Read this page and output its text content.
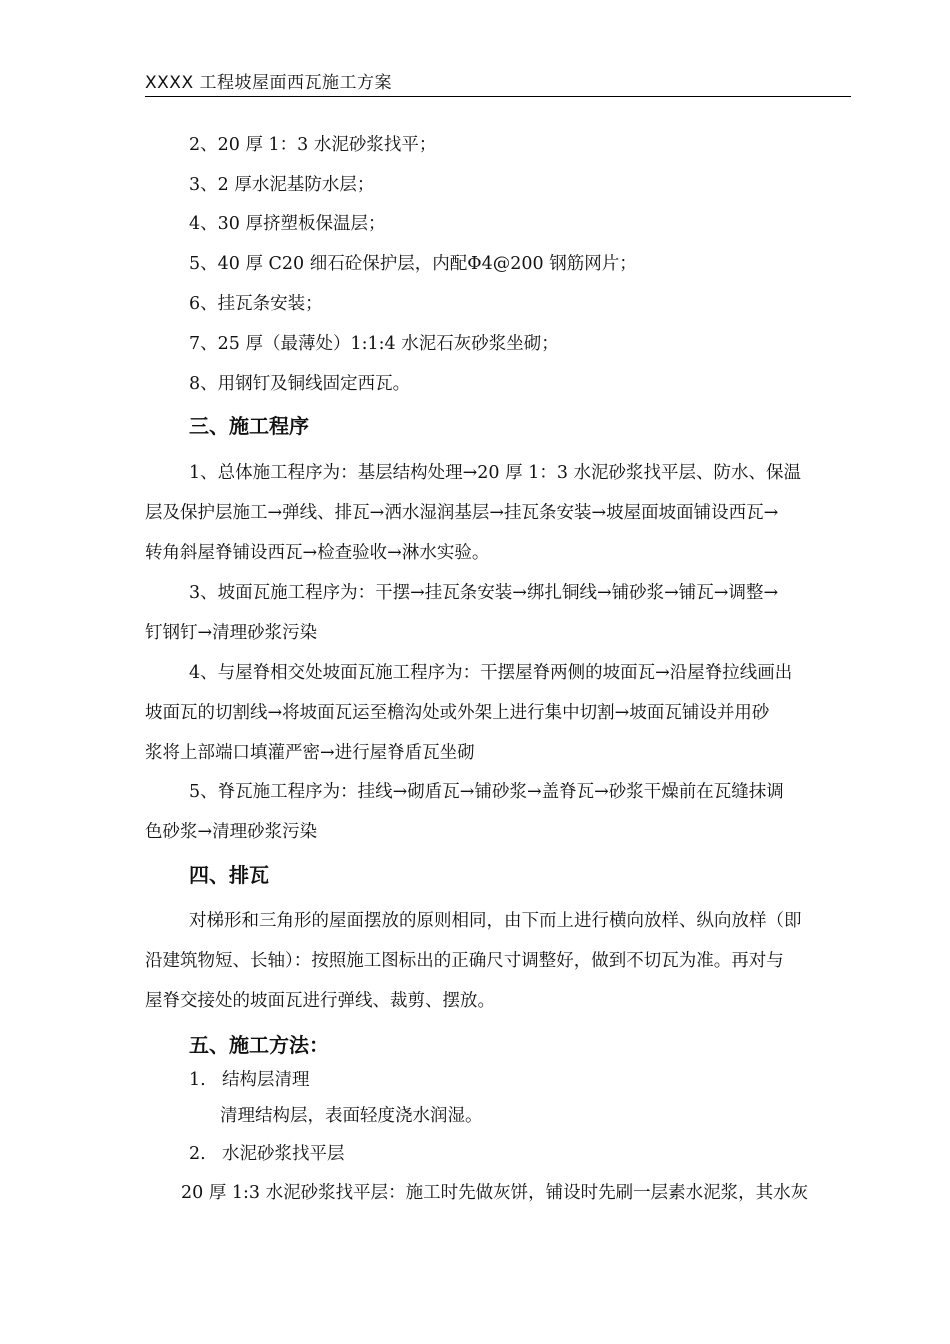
XXXX 工程坡屋面西瓦施工方案
2、20 厚 1：3 水泥砂浆找平；
3、2 厚水泥基防水层；
4、30 厚挤塑板保温层；
5、40 厚 C20 细石砼保护层，内配Φ4@200 钢筋网片；
6、挂瓦条安装；
7、25 厚（最薄处）1:1:4 水泥石灰砂浆坐砌；
8、用钢钉及铜线固定西瓦。
三、施工程序
1、总体施工程序为：基层结构处理→20 厚 1：3 水泥砂浆找平层、防水、保温
层及保护层施工→弹线、排瓦→洒水湿润基层→挂瓦条安装→坡屋面坡面铺设西瓦→
转角斜屋脊铺设西瓦→检查验收→淋水实验。
3、坡面瓦施工程序为：干摆→挂瓦条安装→绑扎铜线→铺砂浆→铺瓦→调整→
钉钢钉→清理砂浆污染
4、与屋脊相交处坡面瓦施工程序为：干摆屋脊两侧的坡面瓦→沿屋脊拉线画出
坡面瓦的切割线→将坡面瓦运至檐沟处或外架上进行集中切割→坡面瓦铺设并用砂
浆将上部端口填灌严密→进行屋脊盾瓦坐砌
5、脊瓦施工程序为：挂线→砌盾瓦→铺砂浆→盖脊瓦→砂浆干燥前在瓦缝抹调
色砂浆→清理砂浆污染
四、排瓦
对梯形和三角形的屋面摆放的原则相同，由下而上进行横向放样、纵向放样（即
沿建筑物短、长轴）：按照施工图标出的正确尺寸调整好，做到不切瓦为准。再对与
屋脊交接处的坡面瓦进行弹线、裁剪、摆放。
五、施工方法：
1. 结构层清理
清理结构层，表面轻度浇水润湿。
2. 水泥砂浆找平层
20 厚 1:3 水泥砂浆找平层：施工时先做灰饼，铺设时先刷一层素水泥浆，其水灰
